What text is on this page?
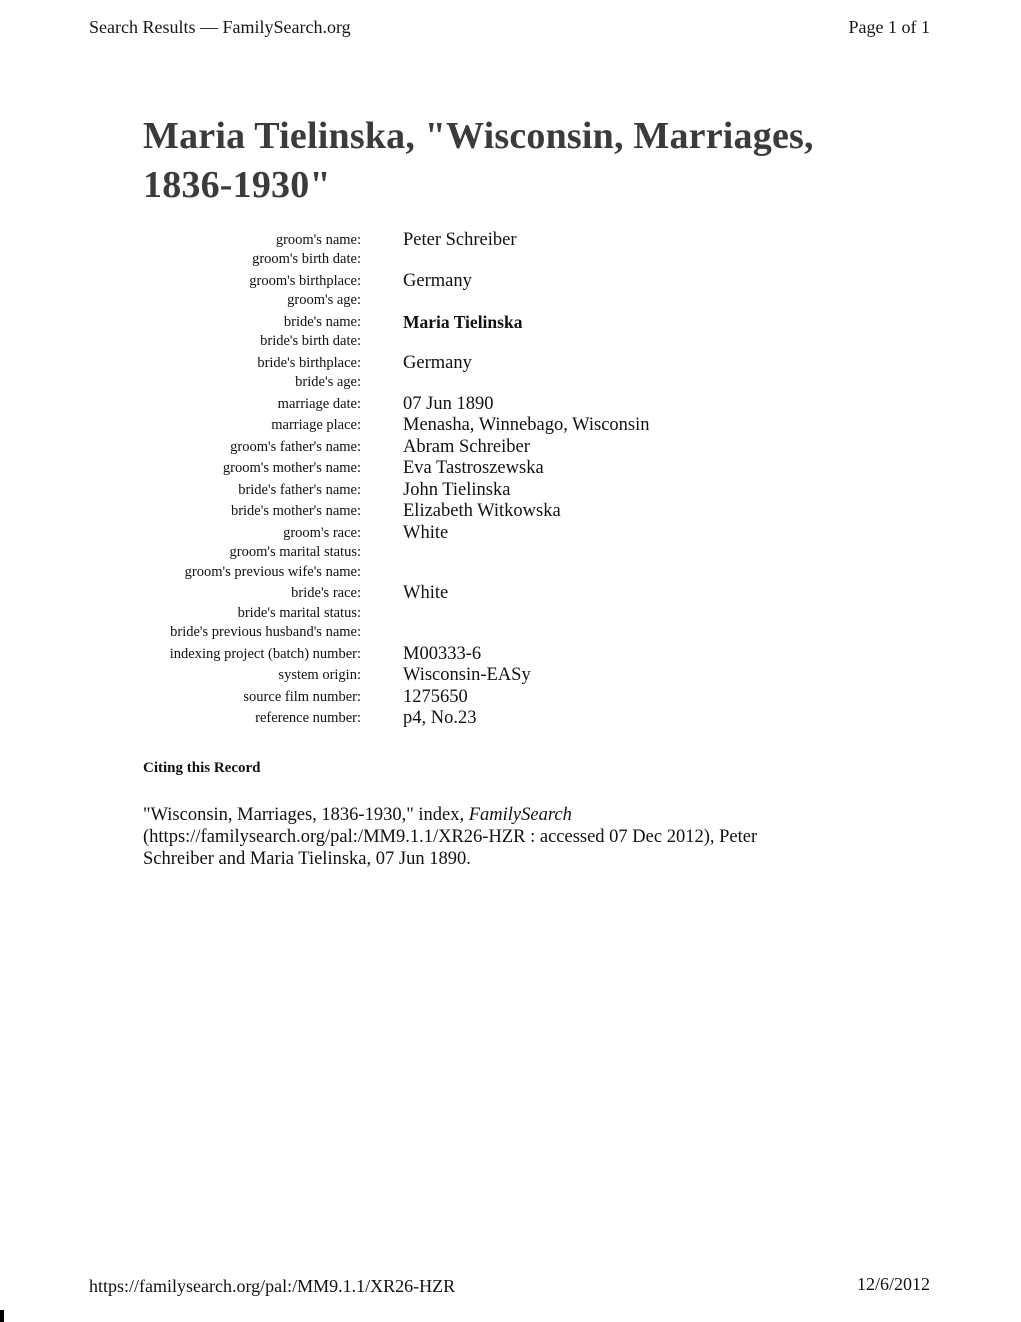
Search Results — FamilySearch.org	Page 1 of 1
Maria Tielinska, "Wisconsin, Marriages, 1836-1930"
groom's name: Peter Schreiber
groom's birth date:
groom's birthplace: Germany
groom's age:
bride's name: Maria Tielinska
bride's birth date:
bride's birthplace: Germany
bride's age:
marriage date: 07 Jun 1890
marriage place: Menasha, Winnebago, Wisconsin
groom's father's name: Abram Schreiber
groom's mother's name: Eva Tastroszewska
bride's father's name: John Tielinska
bride's mother's name: Elizabeth Witkowska
groom's race: White
groom's marital status:
groom's previous wife's name:
bride's race: White
bride's marital status:
bride's previous husband's name:
indexing project (batch) number: M00333-6
system origin: Wisconsin-EASy
source film number: 1275650
reference number: p4, No.23
Citing this Record

"Wisconsin, Marriages, 1836-1930," index, FamilySearch (https://familysearch.org/pal:/MM9.1.1/XR26-HZR : accessed 07 Dec 2012), Peter Schreiber and Maria Tielinska, 07 Jun 1890.

https://familysearch.org/pal:/MM9.1.1/XR26-HZR	12/6/2012
